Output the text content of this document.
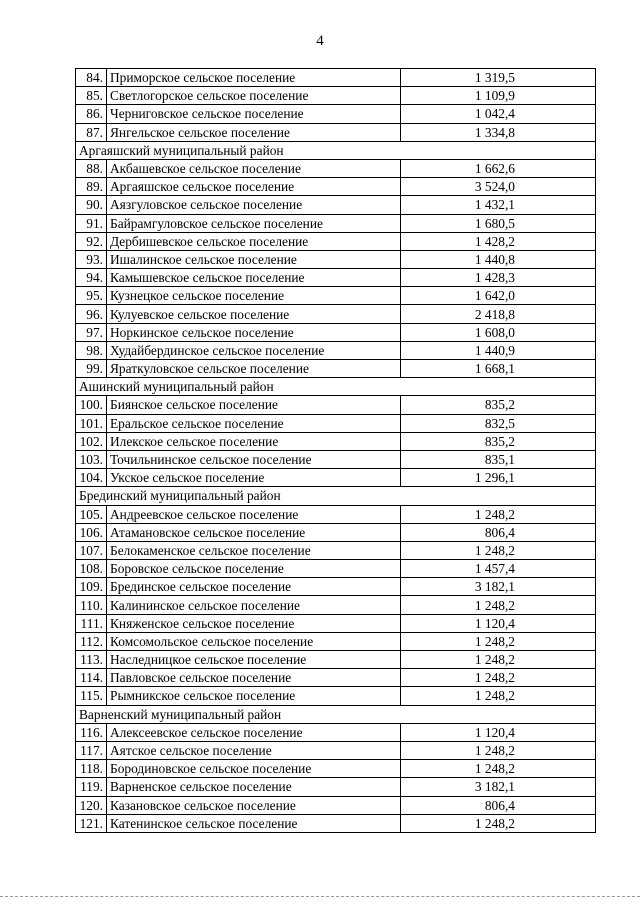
4
84.	Приморское сельское поселение	1 319,5
85.	Светлогорское сельское поселение	1 109,9
86.	Черниговское сельское поселение	1 042,4
87.	Янгельское сельское поселение	1 334,8
Аргаяшский муниципальный район		
88.	Акбашевское сельское поселение	1 662,6
89.	Аргаяшское сельское поселение	3 524,0
90.	Аязгуловское сельское поселение	1 432,1
91.	Байрамгуловское сельское поселение	1 680,5
92.	Дербишевское сельское поселение	1 428,2
93.	Ишалинское сельское поселение	1 440,8
94.	Камышевское сельское поселение	1 428,3
95.	Кузнецкое сельское поселение	1 642,0
96.	Кулуевское сельское поселение	2 418,8
97.	Норкинское сельское поселение	1 608,0
98.	Худайбердинское сельское поселение	1 440,9
99.	Яраткуловское сельское поселение	1 668,1
Ашинский муниципальный район		
100.	Биянское сельское поселение	835,2
101.	Еральское сельское поселение	832,5
102.	Илекское сельское поселение	835,2
103.	Точильнинское сельское поселение	835,1
104.	Укское сельское поселение	1 296,1
Брединский муниципальный район		
105.	Андреевское сельское поселение	1 248,2
106.	Атамановское сельское поселение	806,4
107.	Белокаменское сельское поселение	1 248,2
108.	Боровское сельское поселение	1 457,4
109.	Брединское сельское поселение	3 182,1
110.	Калининское сельское поселение	1 248,2
111.	Княженское сельское поселение	1 120,4
112.	Комсомольское сельское поселение	1 248,2
113.	Наследницкое сельское поселение	1 248,2
114.	Павловское сельское поселение	1 248,2
115.	Рымникское сельское поселение	1 248,2
Варненский муниципальный район		
116.	Алексеевское сельское поселение	1 120,4
117.	Аятское сельское поселение	1 248,2
118.	Бородиновское сельское поселение	1 248,2
119.	Варненское сельское поселение	3 182,1
120.	Казановское сельское поселение	806,4
121.	Катенинское сельское поселение	1 248,2
